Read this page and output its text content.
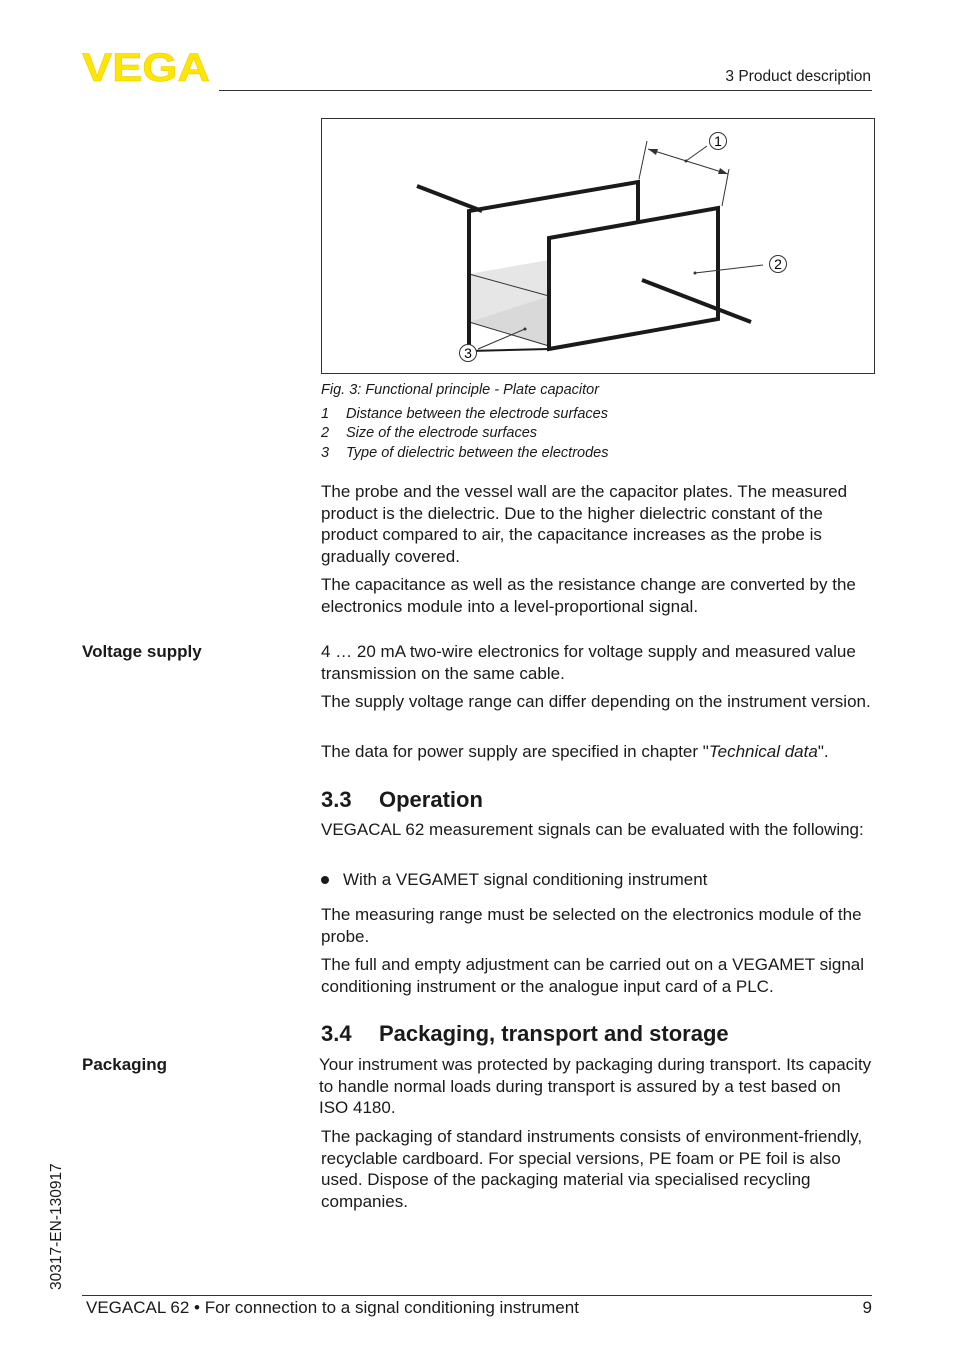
VEGA	3 Product description
1
2
3
Fig. 3: Functional principle - Plate capacitor
1 Distance between the electrode surfaces
2 Size of the electrode surfaces
3 Type of dielectric between the electrodes
The probe and the vessel wall are the capacitor plates. The measured product is the dielectric. Due to the higher dielectric constant of the product compared to air, the capacitance increases as the probe is gradually covered.
The capacitance as well as the resistance change are converted by the electronics module into a level-proportional signal.
Voltage supply	4 … 20 mA two-wire electronics for voltage supply and measured value transmission on the same cable.
The supply voltage range can differ depending on the instrument version.
The data for power supply are specified in chapter "Technical data".
3.3 Operation
VEGACAL 62 measurement signals can be evaluated with the following:
With a VEGAMET signal conditioning instrument
The measuring range must be selected on the electronics module of the probe.
The full and empty adjustment can be carried out on a VEGAMET signal conditioning instrument or the analogue input card of a PLC.
3.4 Packaging, transport and storage
Packaging	Your instrument was protected by packaging during transport. Its capacity to handle normal loads during transport is assured by a test based on ISO 4180.
The packaging of standard instruments consists of environment-friendly, recyclable cardboard. For special versions, PE foam or PE foil is also used. Dispose of the packaging material via specialised recycling companies.
30317-EN-130917
VEGACAL 62 • For connection to a signal conditioning instrument	9
